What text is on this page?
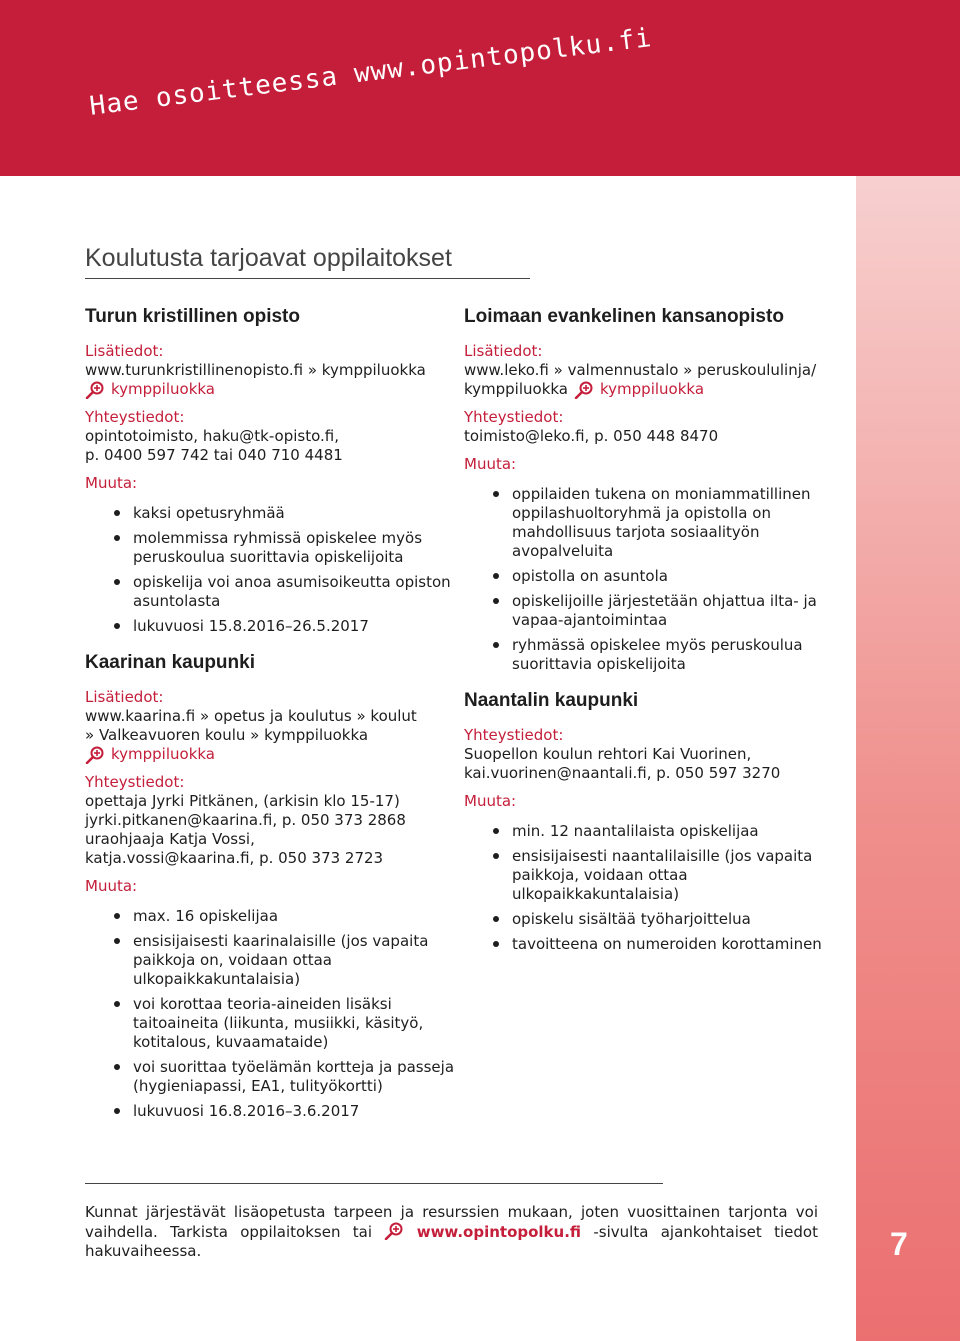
Hae osoitteessa www.opintopolku.fi
7
Koulutusta tarjoavat oppilaitokset

Turun kristillinen opisto

Lisätiedot:

www.turunkristillinenopisto.fi » kymppiluokka

kymppiluokka

Yhteystiedot:

opintotoimisto, haku@tk-opisto.fi,

p. 0400 597 742 tai 040 710 4481

Muuta:

kaksi opetusryhmää
molemmissa ryhmissä opiskelee myös peruskoulua suorittavia opiskelijoita
opiskelija voi anoa asumisoikeutta opiston asuntolasta
lukuvuosi 15.8.2016–26.5.2017

Kaarinan kaupunki

Lisätiedot:

www.kaarina.fi » opetus ja koulutus » koulut

» Valkeavuoren koulu » kymppiluokka

kymppiluokka

Yhteystiedot:

opettaja Jyrki Pitkänen, (arkisin klo 15-17)

jyrki.pitkanen@kaarina.fi, p. 050 373 2868

uraohjaaja Katja Vossi,

katja.vossi@kaarina.fi, p. 050 373 2723

Muuta:

max. 16 opiskelijaa
ensisijaisesti kaarinalaisille (jos vapaita paikkoja on, voidaan ottaa ulkopaikkakuntalaisia)
voi korottaa teoria-aineiden lisäksi taitoaineita (liikunta, musiikki, käsityö, kotitalous, kuvaamataide)
voi suorittaa työelämän kortteja ja passeja (hygieniapassi, EA1, tulityökortti)
lukuvuosi 16.8.2016–3.6.2017

Loimaan evankelinen kansanopisto

Lisätiedot:

www.leko.fi » valmennustalo » peruskoululinja/

kymppiluokka kymppiluokka

Yhteystiedot:

toimisto@leko.fi, p. 050 448 8470

Muuta:

oppilaiden tukena on moniammatillinen oppilashuoltoryhmä ja opistolla on mahdollisuus tarjota sosiaalityön avopalveluita
opistolla on asuntola
opiskelijoille järjestetään ohjattua ilta- ja vapaa-ajantoimintaa
ryhmässä opiskelee myös peruskoulua suorittavia opiskelijoita

Naantalin kaupunki

Yhteystiedot:

Suopellon koulun rehtori Kai Vuorinen,

kai.vuorinen@naantali.fi, p. 050 597 3270

Muuta:

min. 12 naantalilaista opiskelijaa
ensisijaisesti naantalilaisille (jos vapaita paikkoja, voidaan ottaa ulkopaikkakuntalaisia)
opiskelu sisältää työharjoittelua
tavoitteena on numeroiden korottaminen
Kunnat järjestävät lisäopetusta tarpeen ja resurssien mukaan, joten vuosittainen tarjonta voi vaihdella. Tarkista oppilaitoksen tai	www.opintopolku.fi -sivulta ajankohtaiset tiedot hakuvaiheessa.
